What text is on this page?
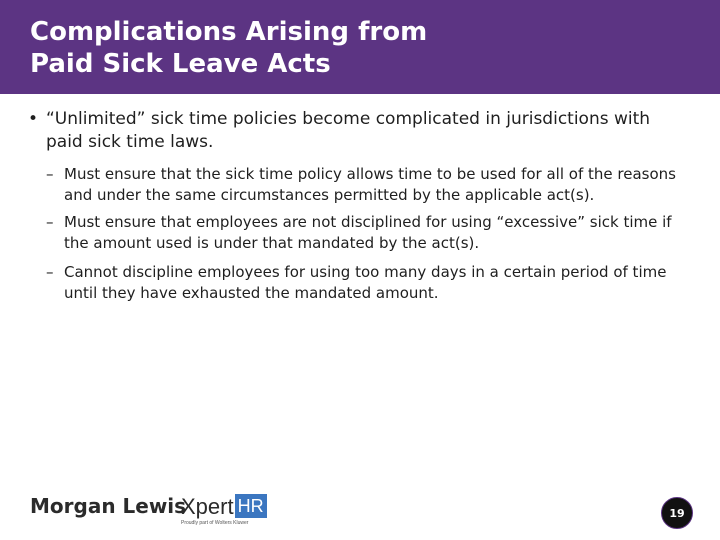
Complications Arising from
Paid Sick Leave Acts
• “Unlimited” sick time policies become complicated in jurisdictions with paid sick time laws.
– Must ensure that the sick time policy allows time to be used for all of the reasons and under the same circumstances permitted by the applicable act(s).
– Must ensure that employees are not disciplined for using “excessive” sick time if the amount used is under that mandated by the act(s).
– Cannot discipline employees for using too many days in a certain period of time until they have exhausted the mandated amount.
Morgan Lewis
Xpert HR
Proudly part of Wolters Kluwer
19
